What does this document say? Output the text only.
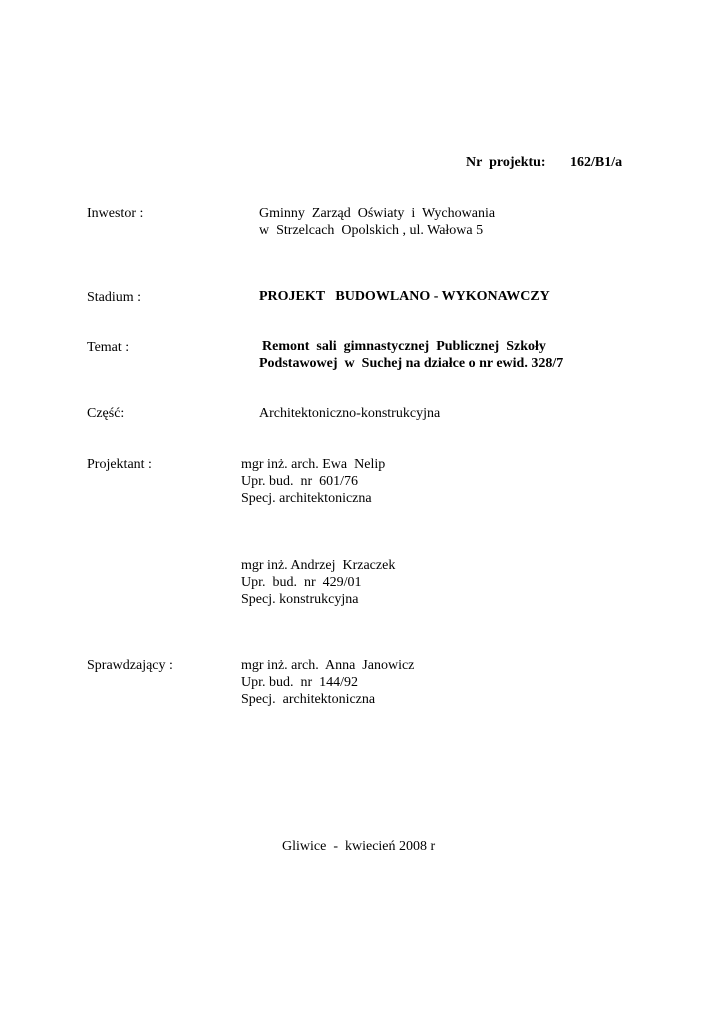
Nr  projektu: 162/B1/a
Inwestor :	Gminny  Zarząd  Oświaty  i  Wychowania
w  Strzelcach  Opolskich , ul. Wałowa 5
Stadium :	PROJEKT   BUDOWLANO - WYKONAWCZY
Temat :	Remont  sali  gimnastycznej  Publicznej  Szkoły
Podstawowej  w  Suchej na działce o nr ewid. 328/7
Część:	Architektoniczno-konstrukcyjna
Projektant :	mgr inż. arch. Ewa  Nelip
Upr. bud.  nr  601/76
Specj. architektoniczna
mgr inż. Andrzej  Krzaczek
Upr.  bud.  nr  429/01
Specj. konstrukcyjna
Sprawdzający :	mgr inż. arch.  Anna  Janowicz
Upr. bud.  nr  144/92
Specj.  architektoniczna
Gliwice  -  kwiecień 2008 r
